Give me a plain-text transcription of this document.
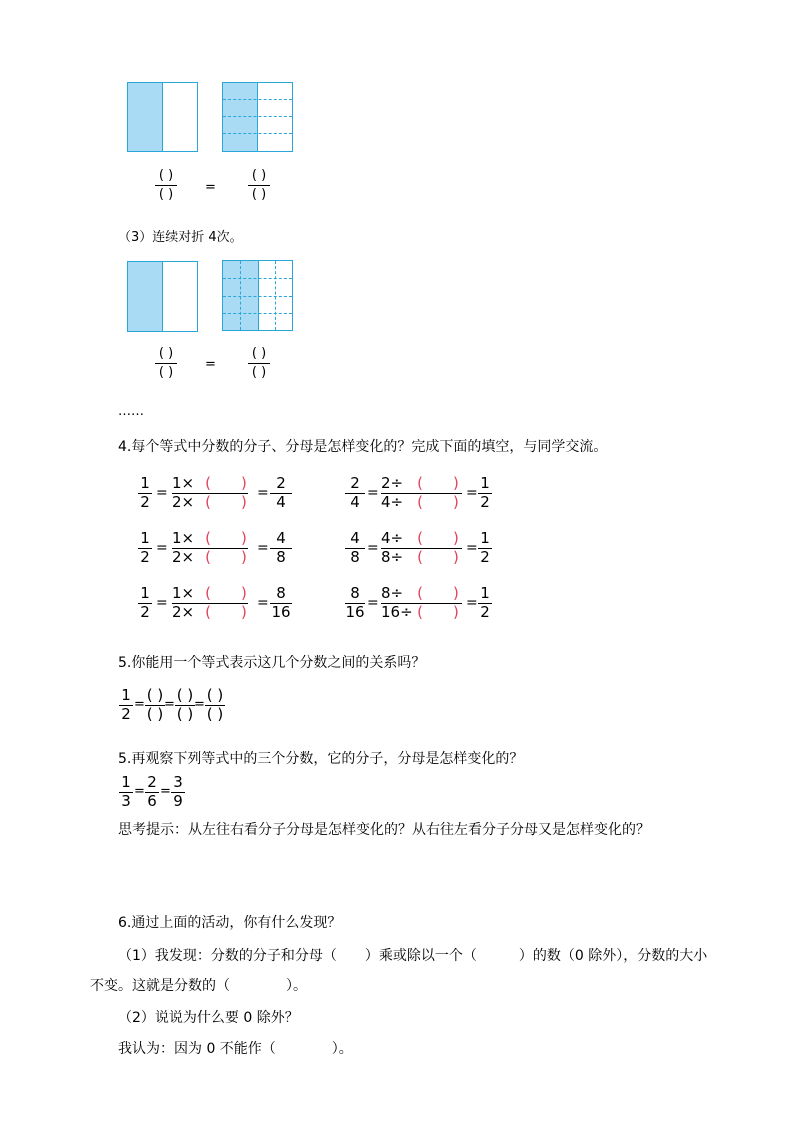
( )
( )	=
( )
( )
（3）连续对折 4次。
( )
( )
=
( )
( )
……
4.每个等式中分数的分子、分母是怎样变化的？完成下面的填空，与同学交流。
1
2 =
1× (　　)
2× (　　) =
2
4
1
2 =
1× (　　)
2× (　　) =
4
8
1
2 =
1× (　　)
2× (　　) =
8
16
2
4 =
2÷ (　　)
4÷ (　　) =
1
2
4
8 =
4÷ (　　)
8÷ (　　) =
1
2
8
16 =
8÷ (　　)
16÷ (　　) =
1
2
5.你能用一个等式表示这几个分数之间的关系吗？
1
2
=
( )
( )
=
( )
( )
=
( )
( )
5.再观察下列等式中的三个分数，它的分子，分母是怎样变化的？
1
3
=
2
6
=
3
9
思考提示：从左往右看分子分母是怎样变化的？从右往左看分子分母又是怎样变化的？
6.通过上面的活动，你有什么发现？
（1）我发现：分数的分子和分母（　　）乘或除以一个（　　　）的数（0 除外），分数的大小
不变。这就是分数的（　　　　）。
（2）说说为什么要 0 除外？
我认为：因为 0 不能作（　　　　）。
